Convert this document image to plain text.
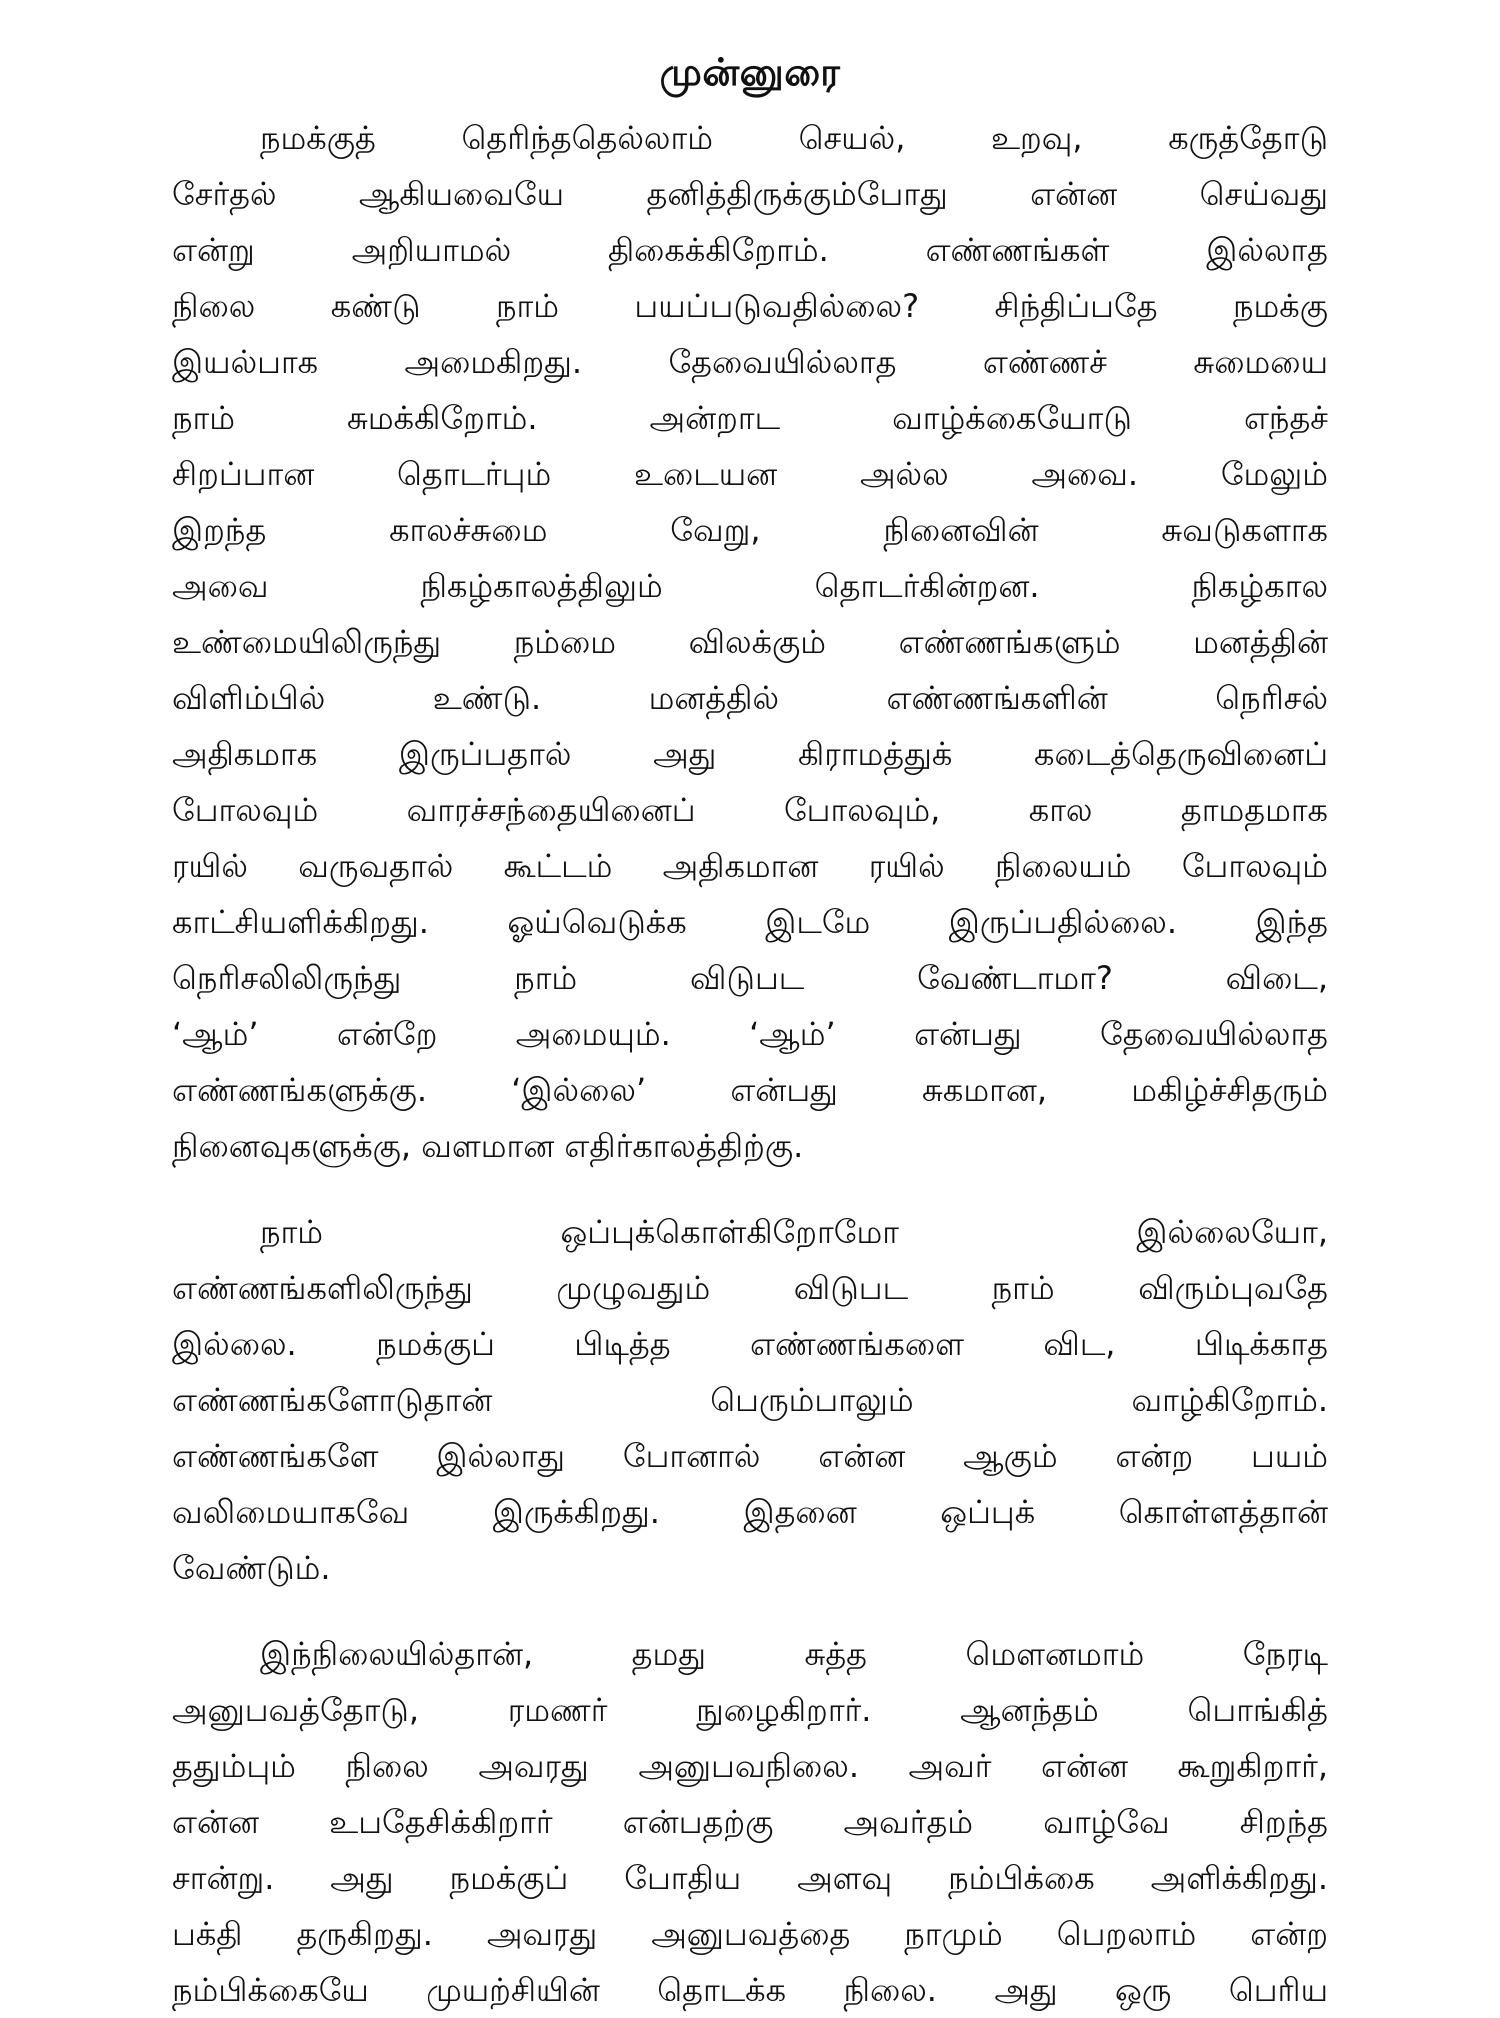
முன்னுரை

நமக்குத் தெரிந்ததெல்லாம் செயல், உறவு, கருத்தோடு
சேர்தல் ஆகியவையே தனித்திருக்கும்போது என்ன செய்வது
என்று அறியாமல் திகைக்கிறோம். எண்ணங்கள் இல்லாத
நிலை கண்டு நாம் பயப்படுவதில்லை? சிந்திப்பதே நமக்கு
இயல்பாக அமைகிறது. தேவையில்லாத எண்ணச் சுமையை
நாம் சுமக்கிறோம். அன்றாட வாழ்க்கையோடு எந்தச்
சிறப்பான தொடர்பும் உடையன அல்ல அவை. மேலும்
இறந்த காலச்சுமை வேறு, நினைவின் சுவடுகளாக
அவை நிகழ்காலத்திலும் தொடர்கின்றன. நிகழ்கால
உண்மையிலிருந்து நம்மை விலக்கும் எண்ணங்களும் மனத்தின்
விளிம்பில் உண்டு. மனத்தில் எண்ணங்களின் நெரிசல்
அதிகமாக இருப்பதால் அது கிராமத்துக் கடைத்தெருவினைப்
போலவும் வாரச்சந்தையினைப் போலவும், கால தாமதமாக
ரயில் வருவதால் கூட்டம் அதிகமான ரயில் நிலையம் போலவும்
காட்சியளிக்கிறது. ஓய்வெடுக்க இடமே இருப்பதில்லை. இந்த
நெரிசலிலிருந்து நாம் விடுபட வேண்டாமா? விடை,
‘ஆம்’ என்றே அமையும். ‘ஆம்’ என்பது தேவையில்லாத
எண்ணங்களுக்கு. ‘இல்லை’ என்பது சுகமான, மகிழ்ச்சிதரும்
நினைவுகளுக்கு, வளமான எதிர்காலத்திற்கு.

நாம் ஒப்புக்கொள்கிறோமோ இல்லையோ,
எண்ணங்களிலிருந்து முழுவதும் விடுபட நாம் விரும்புவதே
இல்லை. நமக்குப் பிடித்த எண்ணங்களை விட, பிடிக்காத
எண்ணங்களோடுதான் பெரும்பாலும் வாழ்கிறோம்.
எண்ணங்களே இல்லாது போனால் என்ன ஆகும் என்ற பயம்
வலிமையாகவே இருக்கிறது. இதனை ஒப்புக் கொள்ளத்தான்
வேண்டும்.

இந்நிலையில்தான், தமது சுத்த மௌனமாம் நேரடி
அனுபவத்தோடு, ரமணர் நுழைகிறார். ஆனந்தம் பொங்கித்
ததும்பும் நிலை அவரது அனுபவநிலை. அவர் என்ன கூறுகிறார்,
என்ன உபதேசிக்கிறார் என்பதற்கு அவர்தம் வாழ்வே சிறந்த
சான்று. அது நமக்குப் போதிய அளவு நம்பிக்கை அளிக்கிறது.
பக்தி தருகிறது. அவரது அனுபவத்தை நாமும் பெறலாம் என்ற
நம்பிக்கையே முயற்சியின் தொடக்க நிலை. அது ஒரு பெரிய
